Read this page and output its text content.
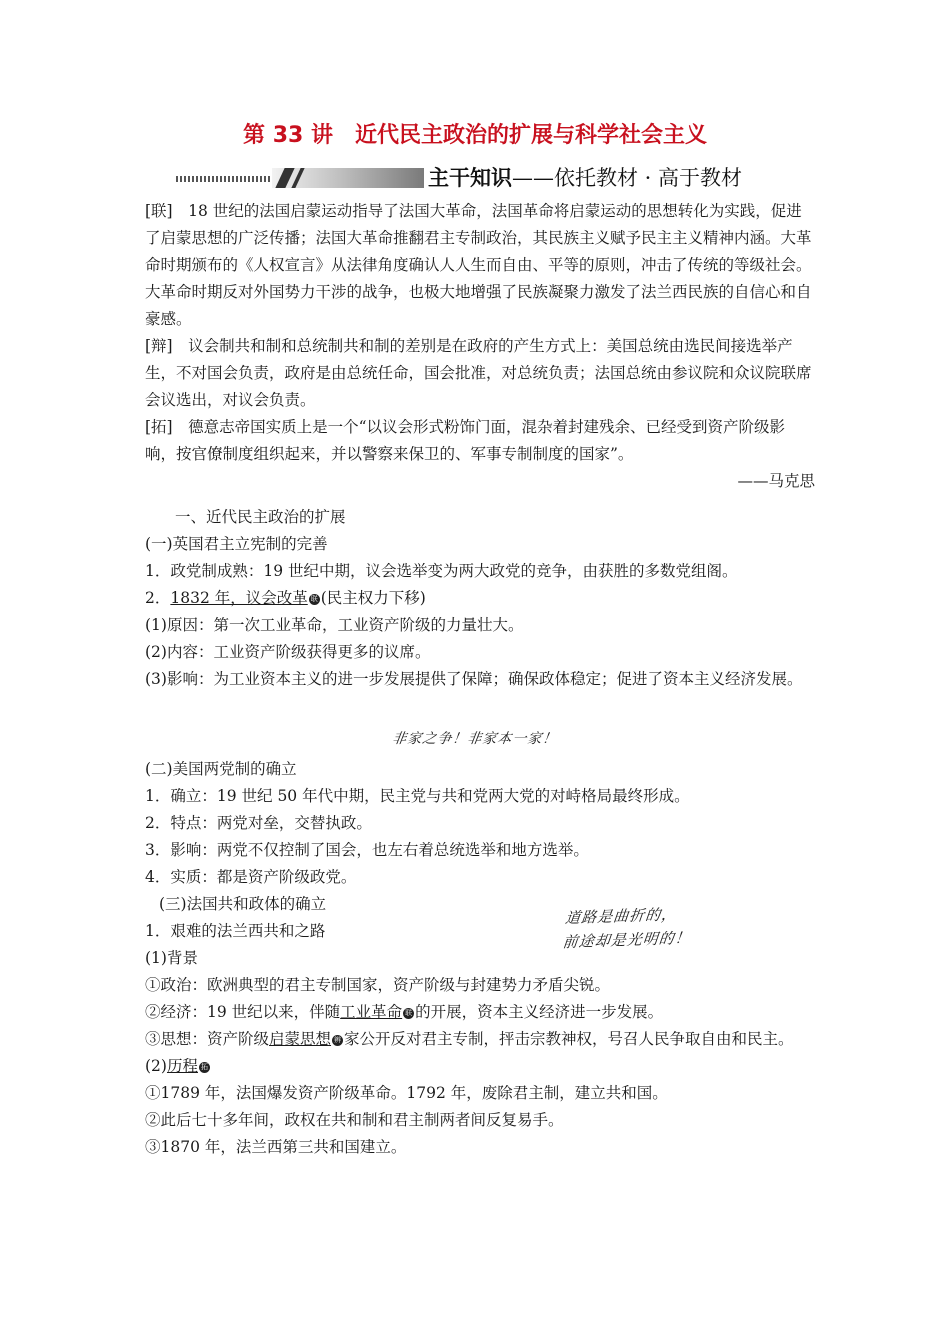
第 33 讲　近代民主政治的扩展与科学社会主义
主干知识——依托教材 · 高于教材

[联]　18 世纪的法国启蒙运动指导了法国大革命，法国革命将启蒙运动的思想转化为实践，促进了启蒙思想的广泛传播；法国大革命推翻君主专制政治，其民族主义赋予民主主义精神内涵。大革命时期颁布的《人权宣言》从法律角度确认人人生而自由、平等的原则，冲击了传统的等级社会。大革命时期反对外国势力干涉的战争，也极大地增强了民族凝聚力激发了法兰西民族的自信心和自豪感。

[辩]　议会制共和制和总统制共和制的差别是在政府的产生方式上：美国总统由选民间接选举产生，不对国会负责，政府是由总统任命，国会批准，对总统负责；法国总统由参议院和众议院联席会议选出，对议会负责。

[拓]　德意志帝国实质上是一个“以议会形式粉饰门面，混杂着封建残余、已经受到资产阶级影响，按官僚制度组织起来，并以警察来保卫的、军事专制制度的国家”。

——马克思

一、近代民主政治的扩展

(一)英国君主立宪制的完善

1．政党制成熟：19 世纪中期，议会选举变为两大政党的竞争，由获胜的多数党组阁。

2．1832 年，议会改革 联 (民主权力下移)

(1)原因：第一次工业革命，工业资产阶级的力量壮大。

(2)内容：工业资产阶级获得更多的议席。

(3)影响：为工业资本主义的进一步发展提供了保障；确保政体稳定；促进了资本主义经济发展。

非家之争！非家本一家！

(二)美国两党制的确立

1．确立：19 世纪 50 年代中期，民主党与共和党两大党的对峙格局最终形成。

2．特点：两党对垒，交替执政。

3．影响：两党不仅控制了国会，也左右着总统选举和地方选举。

4．实质：都是资产阶级政党。

(三)法国共和政体的确立

1．艰难的法兰西共和之路

(1)背景

①政治：欧洲典型的君主专制国家，资产阶级与封建势力矛盾尖锐。

②经济：19 世纪以来，伴随工业革命 联 的开展，资本主义经济进一步发展。

③思想：资产阶级启蒙思想 辨 家公开反对君主专制，抨击宗教神权，号召人民争取自由和民主。

(2)历程 拓

①1789 年，法国爆发资产阶级革命。1792 年，废除君主制，建立共和国。

②此后七十多年间，政权在共和制和君主制两者间反复易手。

③1870 年，法兰西第三共和国建立。

道路是曲折的，

前途却是光明的！
